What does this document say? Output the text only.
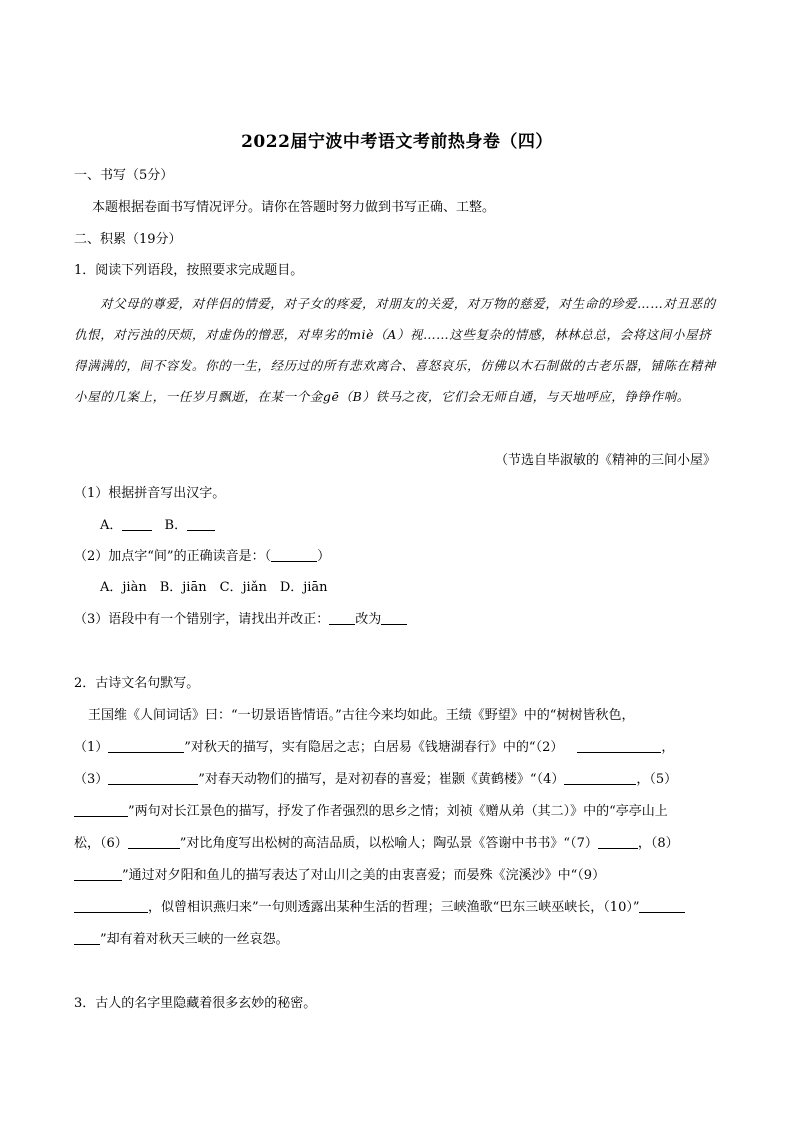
2022届宁波中考语文考前热身卷（四）
一、书写（5分）
本题根据卷面书写情况评分。请你在答题时努力做到书写正确、工整。
二、积累（19分）
1．阅读下列语段，按照要求完成题目。
对父母的尊爱，对伴侣的情爱，对子女的疼爱，对朋友的关爱，对万物的慈爱，对生命的珍爱……对丑恶的仇恨，对污浊的厌烦，对虚伪的憎恶，对卑劣的miè（A）视……这些复杂的情感，林林总总，会将这间小屋挤得满满的，间不容发。你的一生，经历过的所有悲欢离合、喜怒哀乐，仿佛以木石制做的古老乐器，铺陈在精神小屋的几案上，一任岁月飘逝，在某一个金gē（B）铁马之夜，它们会无师自通，与天地呼应，铮铮作响。
（节选自毕淑敏的《精神的三间小屋》
（1）根据拼音写出汉字。
A．	B．
（2）加点字“间”的正确读音是：（	）
A．jiàn　B．jiān　C．jiǎn　D．jiān
（3）语段中有一个错别字，请找出并改正： 改为
2．古诗文名句默写。
王国维《人间词话》曰：“一切景语皆情语。”古往今来均如此。王绩《野望》中的“树树皆秋色，
（1）	”对秋天的描写，实有隐居之志；白居易《钱塘湖春行》中的“（2）	，
（3）	”对春天动物们的描写，是对初春的喜爱；崔颢《黄鹤楼》“（4）	，（5）
”两句对长江景色的描写，抒发了作者强烈的思乡之情；刘祯《赠从弟（其二）》中的“亭亭山上
松，（6）	”对比角度写出松树的高洁品质，以松喻人；陶弘景《答谢中书书》“（7）	，（8）
”通过对夕阳和鱼儿的描写表达了对山川之美的由衷喜爱；而晏殊《浣溪沙》中“（9）
，似曾相识燕归来”一句则透露出某种生活的哲理；三峡渔歌“巴东三峡巫峡长，（10）”
”却有着对秋天三峡的一丝哀怨。
3．古人的名字里隐藏着很多玄妙的秘密。
